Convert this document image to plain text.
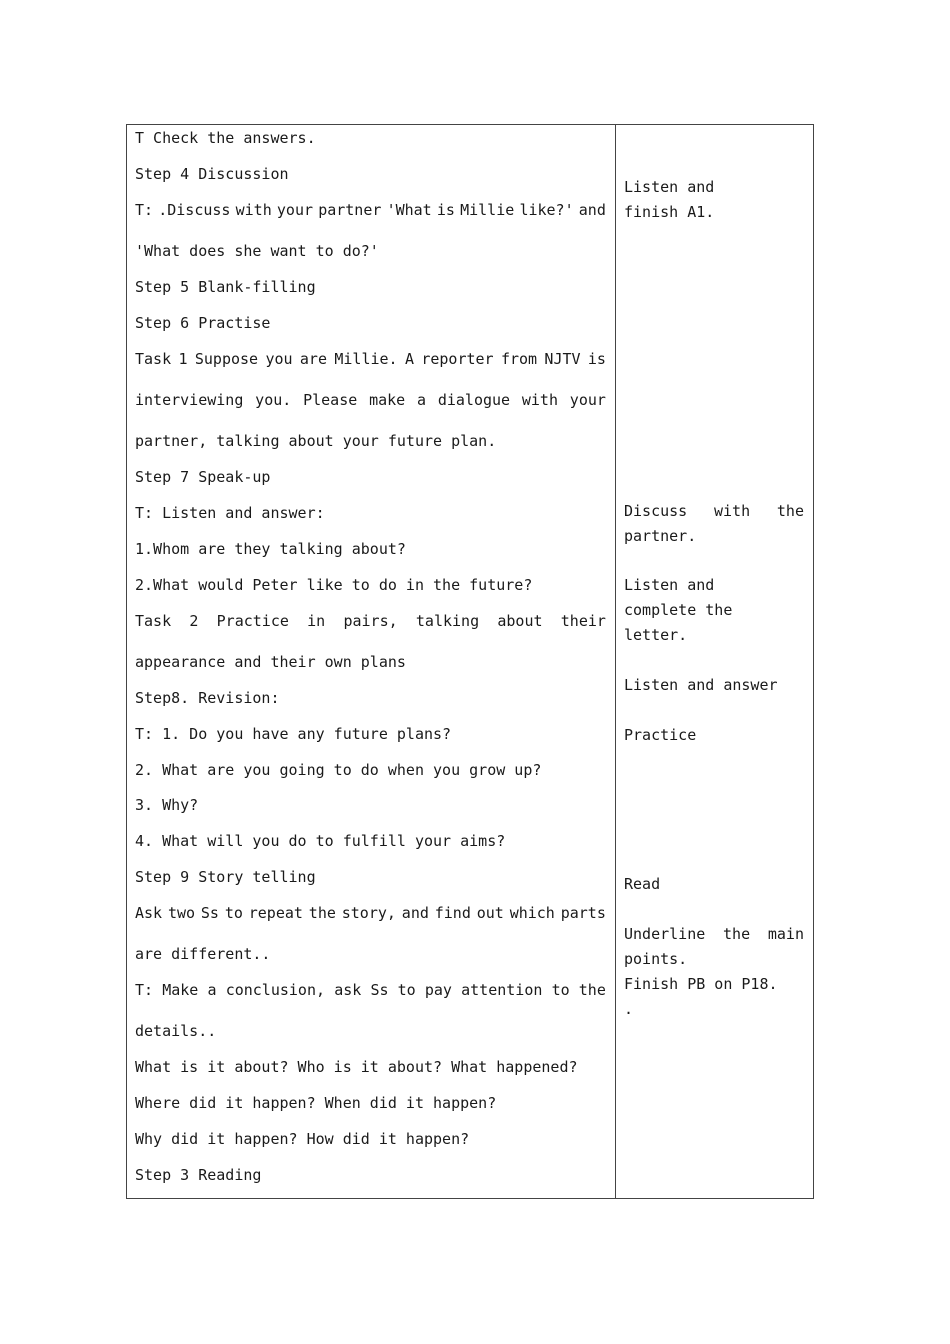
T Check the answers.
Step 4 Discussion
T: .Discuss with your partner 'What is Millie like?' and
'What does she want to do?'
Step 5 Blank-filling
Step 6 Practise
Task 1 Suppose you are Millie. A reporter from NJTV is
interviewing you. Please make a dialogue with your
partner, talking about your future plan.
Step 7 Speak-up
T: Listen and answer:
1.Whom are they talking about?
2.What would Peter like to do in the future?
Task 2 Practice in pairs, talking about their
appearance and their own plans
Step8. Revision:
T: 1. Do you have any future plans?
2. What are you going to do when you grow up?
3. Why?
4. What will you do to fulfill your aims?
Step 9 Story telling
Ask two Ss to repeat the story, and find out which parts
are different..
T: Make a conclusion, ask Ss to pay attention to the
details..
What is it about? Who is it about? What happened?
Where did it happen? When did it happen?
Why did it happen? How did it happen?
Step 3 Reading
Listen and
finish A1.
Discuss with the
partner.
Listen and
complete the
letter.
Listen and answer
Practice
Read
Underline the main
points.
Finish PB on P18.
.
